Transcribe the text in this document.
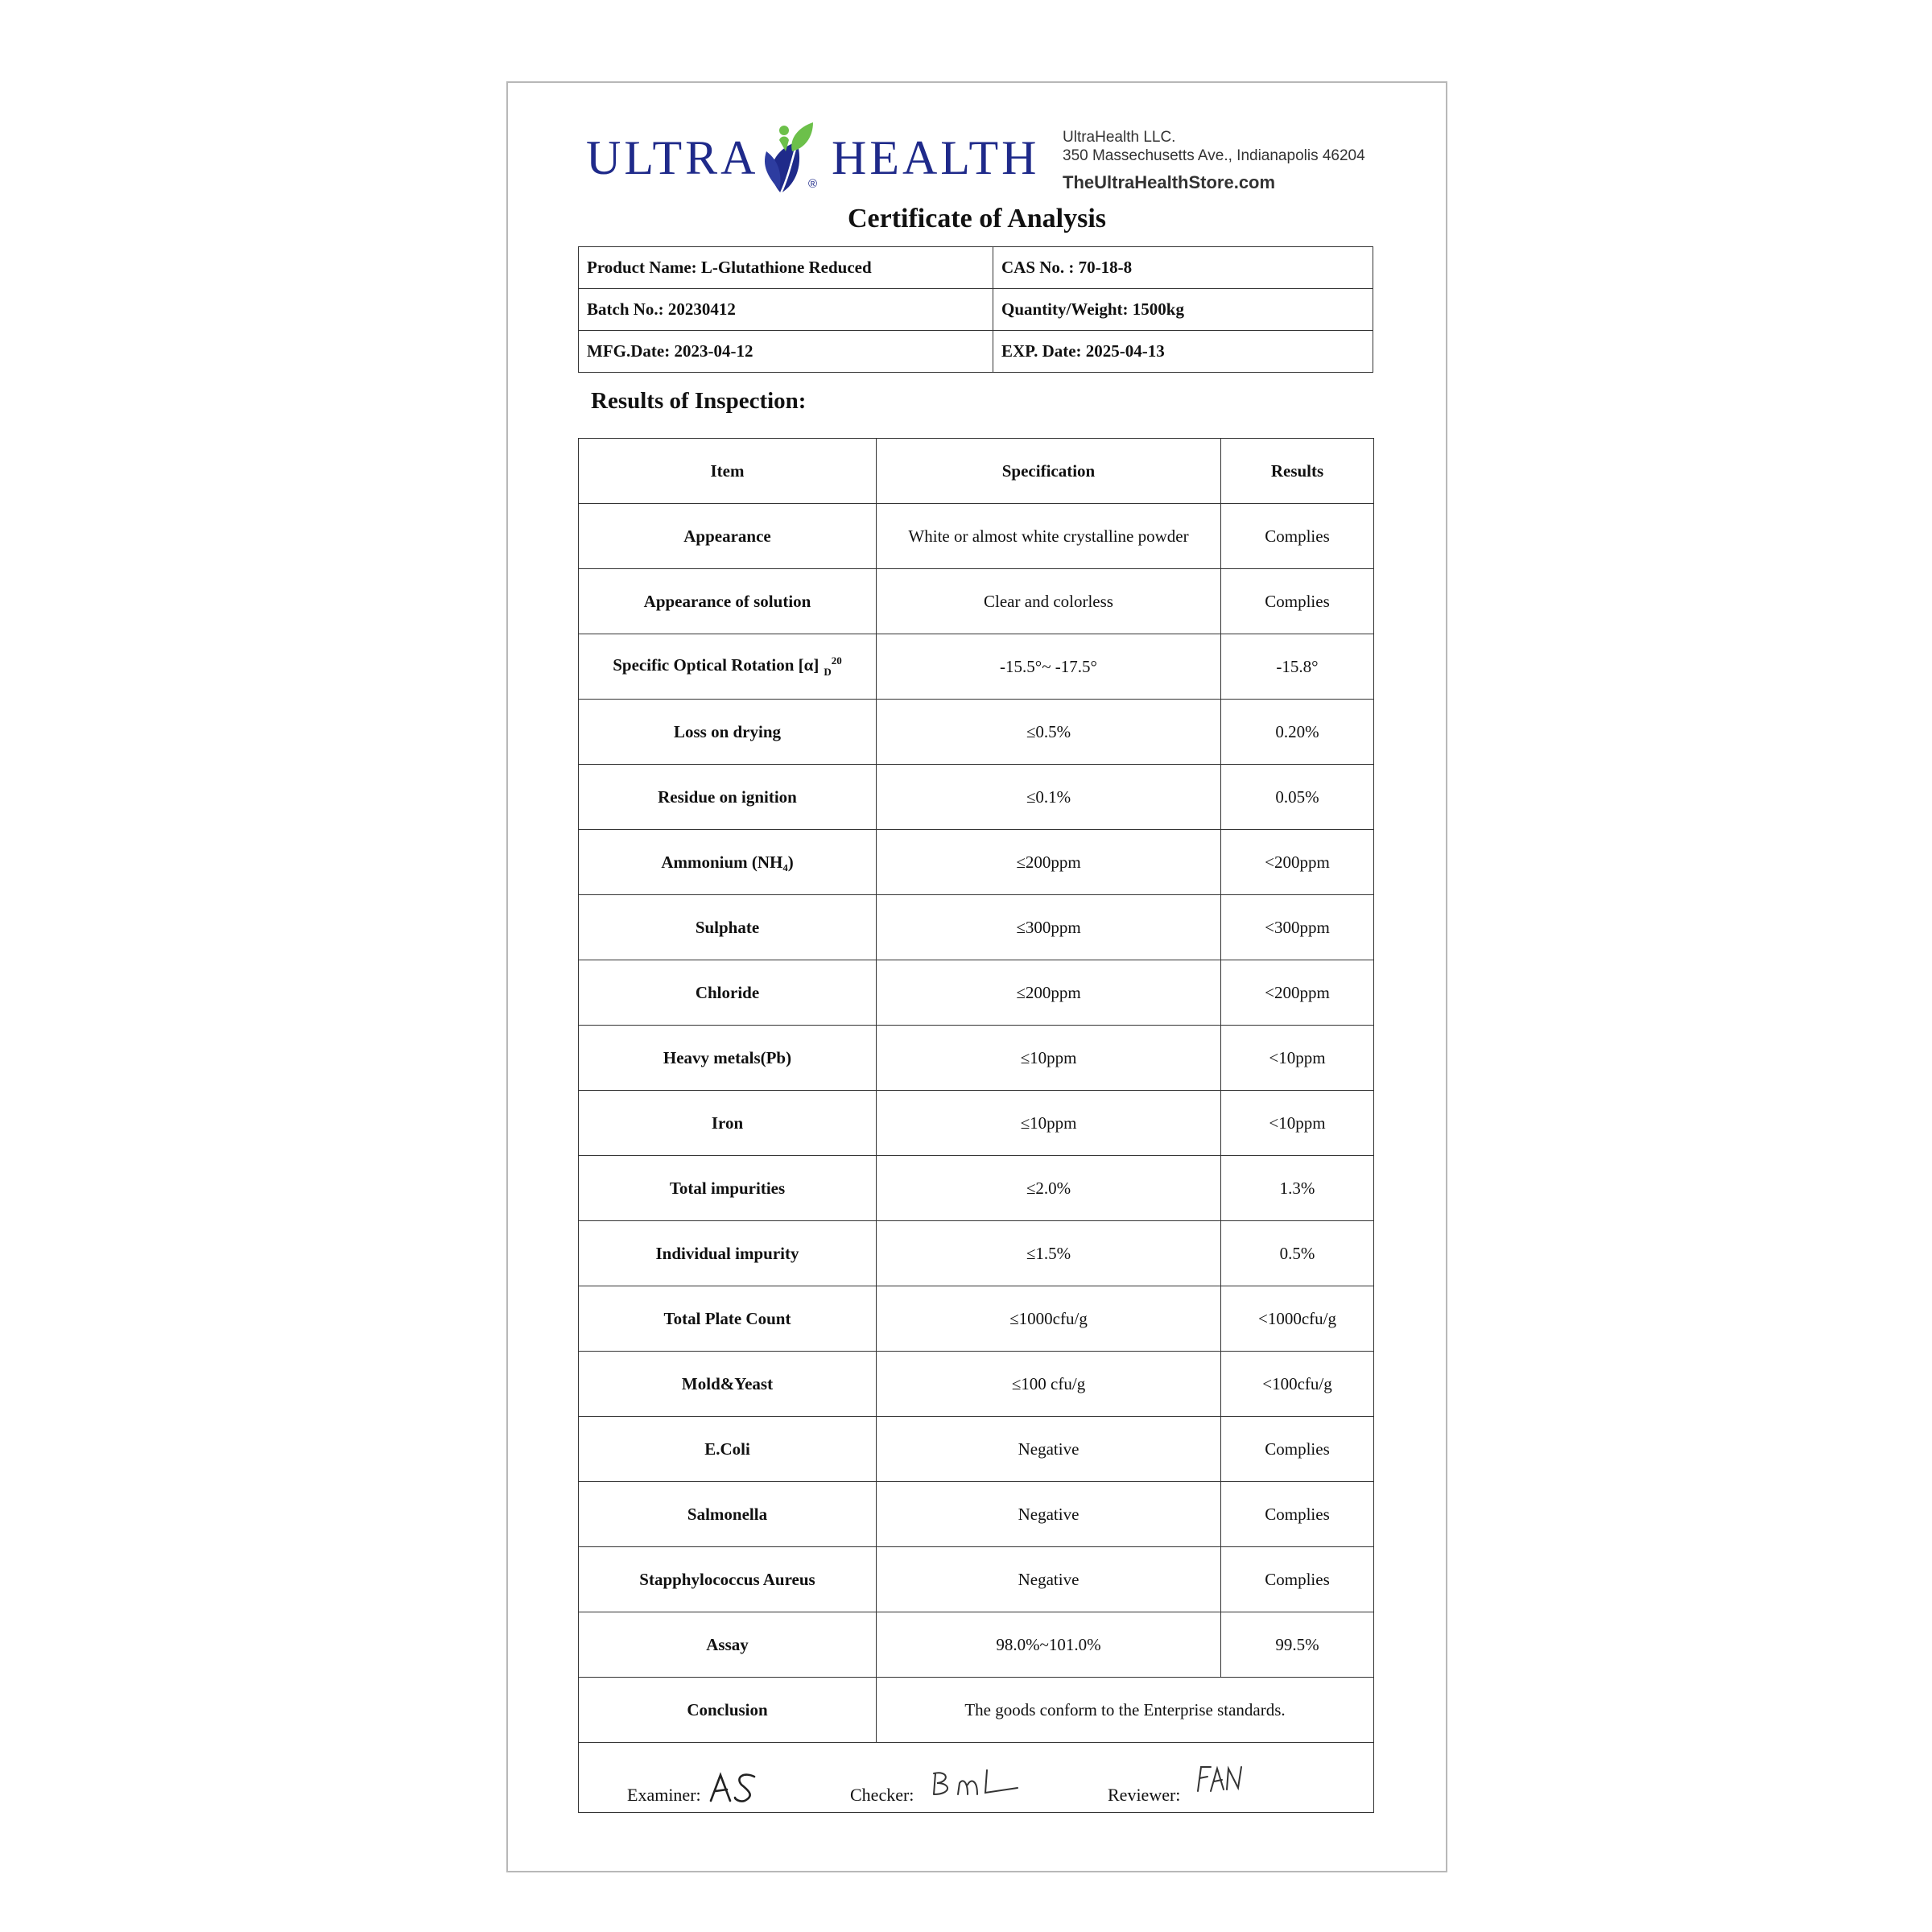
ULTRA	® HEALTH UltraHealth LLC.
350 Massechusetts Ave., Indianapolis 46204
TheUltraHealthStore.com
Certificate of Analysis
Product Name: L-Glutathione Reduced	CAS No. : 70-18-8
Batch No.: 20230412	Quantity/Weight: 1500kg
MFG.Date: 2023-04-12	EXP. Date: 2025-04-13
Results of Inspection:
Item	Specification	Results
Appearance	White or almost white crystalline powder	Complies
Appearance of solution	Clear and colorless	Complies
Specific Optical Rotation [α] $_D^{20}$	-15.5°~ -17.5°	-15.8°
Loss on drying	≤0.5%	0.20%
Residue on ignition	≤0.1%	0.05%
Ammonium (NH₄)	≤200ppm	<200ppm
Sulphate	≤300ppm	<300ppm
Chloride	≤200ppm	<200ppm
Heavy metals(Pb)	≤10ppm	<10ppm
Iron	≤10ppm	<10ppm
Total impurities	≤2.0%	1.3%
Individual impurity	≤1.5%	0.5%
Total Plate Count	≤1000cfu/g	<1000cfu/g
Mold&Yeast	≤100 cfu/g	<100cfu/g
E.Coli	Negative	Complies
Salmonella	Negative	Complies
Stapphylococcus Aureus	Negative	Complies
Assay	98.0%~101.0%	99.5%
Conclusion	The goods conform to the Enterprise standards.	

Examiner: Checker: Reviewer:		
